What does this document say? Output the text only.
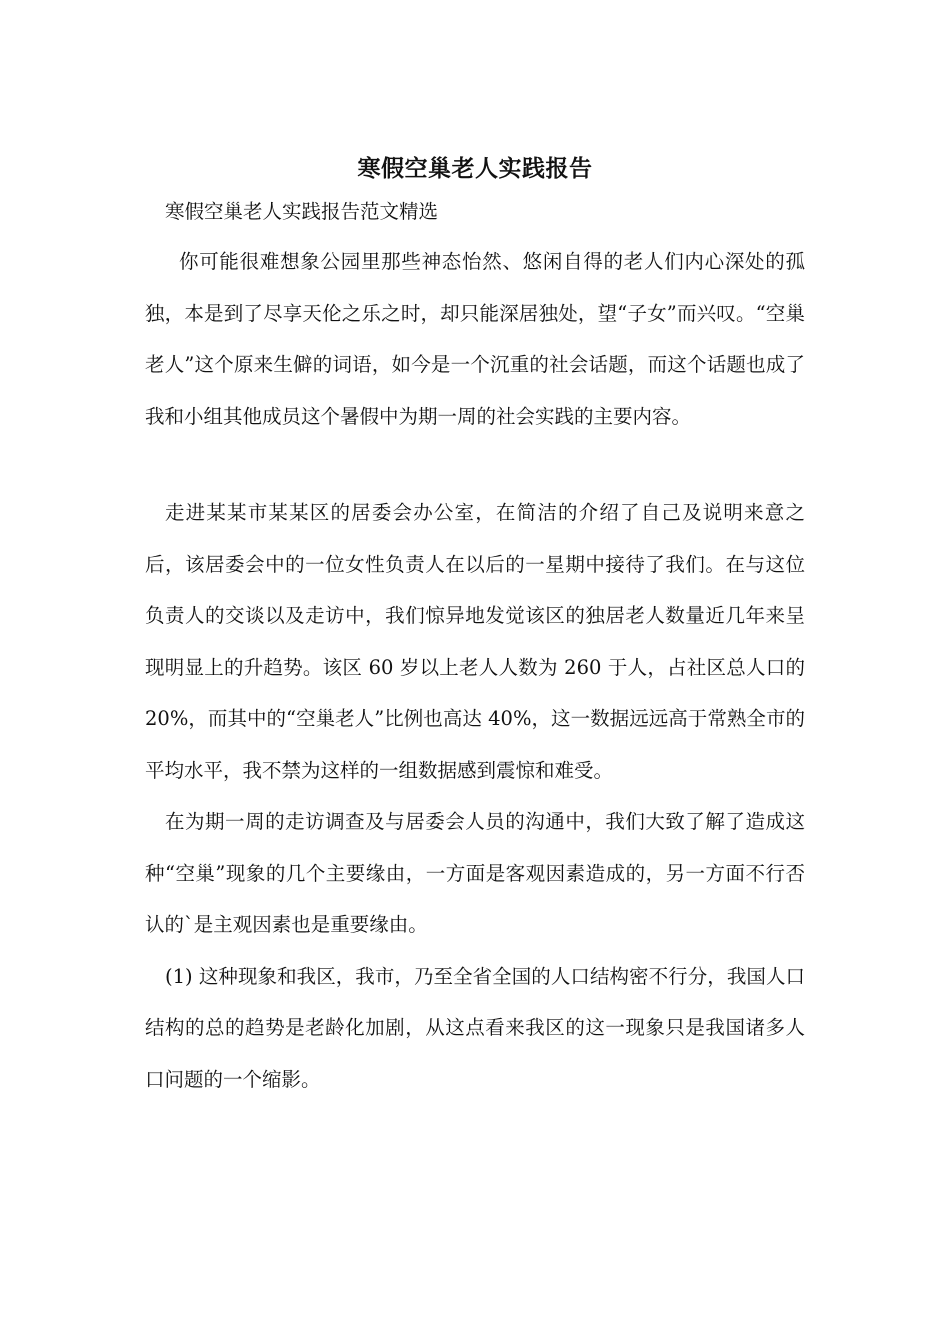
寒假空巢老人实践报告

寒假空巢老人实践报告范文精选

你可能很难想象公园里那些神态怡然、悠闲自得的老人们内心深处的孤独，本是到了尽享天伦之乐之时，却只能深居独处，望“子女”而兴叹。“空巢老人”这个原来生僻的词语，如今是一个沉重的社会话题，而这个话题也成了我和小组其他成员这个暑假中为期一周的社会实践的主要内容。

走进某某市某某区的居委会办公室，在简洁的介绍了自己及说明来意之后，该居委会中的一位女性负责人在以后的一星期中接待了我们。在与这位负责人的交谈以及走访中，我们惊异地发觉该区的独居老人数量近几年来呈现明显上的升趋势。该区 60 岁以上老人人数为 260 于人，占社区总人口的 20%，而其中的“空巢老人”比例也高达 40%，这一数据远远高于常熟全市的平均水平，我不禁为这样的一组数据感到震惊和难受。

在为期一周的走访调查及与居委会人员的沟通中，我们大致了解了造成这种“空巢”现象的几个主要缘由，一方面是客观因素造成的，另一方面不行否认的`是主观因素也是重要缘由。

(1) 这种现象和我区，我市，乃至全省全国的人口结构密不行分，我国人口结构的总的趋势是老龄化加剧，从这点看来我区的这一现象只是我国诸多人口问题的一个缩影。
